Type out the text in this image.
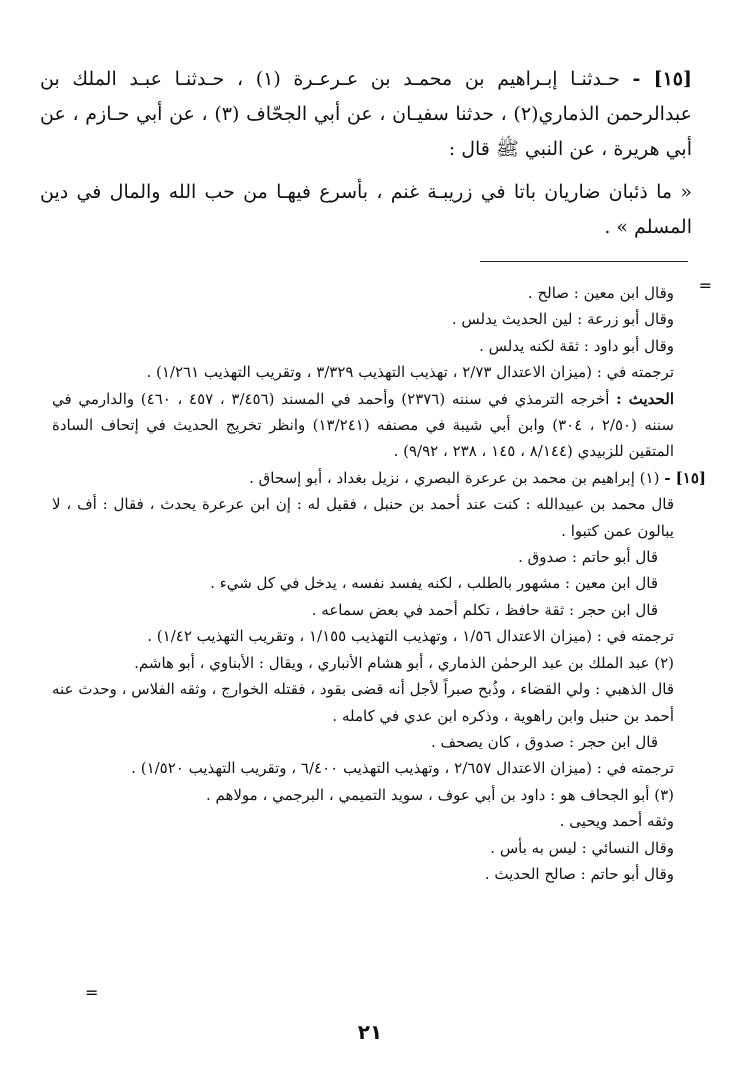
[١٥] - حـدثنـا إبـراهيم بن محمـد بن عـرعـرة (١) ، حـدثنـا عبـد الملك بن عبدالرحمن الذماري(٢) ، حدثنا سفيـان ، عن أبي الجحّاف (٣) ، عن أبي حـازم ، عن أبي هريرة ، عن النبي ﷺ قال :

« ما ذئبان ضاريان باتا في زريبـة غنم ، بأسرع فيهـا من حب الله والمال في دين المسلم » .

=

وقال ابن معين : صالح .

وقال أبو زرعة : لين الحديث يدلس .

وقال أبو داود : ثقة لكنه يدلس .

ترجمته في : (ميزان الاعتدال ٢/٧٣ ، تهذيب التهذيب ٣/٣٢٩ ، وتقريب التهذيب ١/٢٦١) .

الحديث : أخرجه الترمذي في سننه (٢٣٧٦) وأحمد في المسند (٣/٤٥٦ ، ٤٥٧ ، ٤٦٠) والدارمي في سننه (٢/٥٠ ، ٣٠٤) وابن أبي شيبة في مصنفه (١٣/٢٤١) وانظر تخريج الحديث في إتحاف السادة المتقين للزبيدي (٨/١٤٤ ، ١٤٥ ، ٢٣٨ ، ٩/٩٢) .

[١٥] - (١) إبراهيم بن محمد بن عرعرة البصري ، نزيل بغداد ، أبو إسحاق .

قال محمد بن عبيدالله : كنت عند أحمد بن حنبل ، فقيل له : إن ابن عرعرة يحدث ، فقال : أف ، لا يبالون عمن كتبوا .

قال أبو حاتم : صدوق .

قال ابن معين : مشهور بالطلب ، لكنه يفسد نفسه ، يدخل في كل شيء .

قال ابن حجر : ثقة حافظ ، تكلم أحمد في بعض سماعه .

ترجمته في : (ميزان الاعتدال ١/٥٦ ، وتهذيب التهذيب ١/١٥٥ ، وتقريب التهذيب ١/٤٢) .

(٢) عبد الملك بن عبد الرحمٰن الذماري ، أبو هشام الأنباري ، ويقال : الأبناوي ، أبو هاشم.

قال الذهبي : ولي القضاء ، وذُبح صبراً لأجل أنه قضى بقود ، فقتله الخوارج ، وثقه الفلاس ، وحدث عنه أحمد بن حنبل وابن راهوية ، وذكره ابن عدي في كامله .

قال ابن حجر : صدوق ، كان يصحف .

ترجمته في : (ميزان الاعتدال ٢/٦٥٧ ، وتهذيب التهذيب ٦/٤٠٠ ، وتقريب التهذيب ١/٥٢٠) .

(٣) أبو الجحاف هو : داود بن أبي عوف ، سويد التميمي ، البرجمي ، مولاهم .

وثقه أحمد ويحيى .

وقال النسائي : ليس به بأس .

وقال أبو حاتم : صالح الحديث .

=
٢١
